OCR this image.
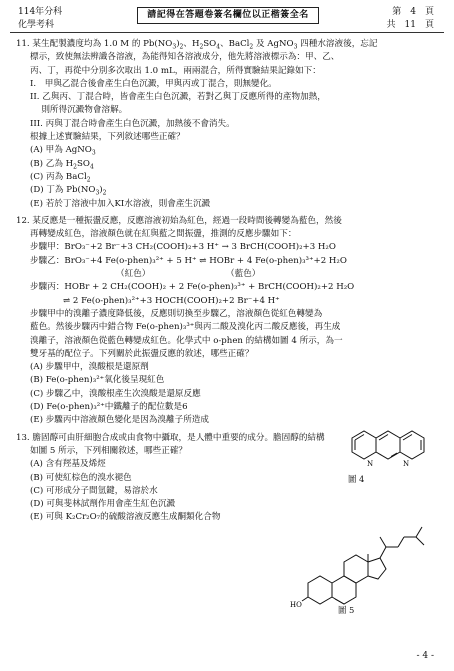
114年分科
化學考科
請記得在答題卷簽名欄位以正楷簽全名	第　4　頁
共　11　頁
11. 某生配製濃度均為 1.0 M 的 $Pb(NO_3)_2$、$H_2SO_4$、BaCl$_2$ 及 AgNO$_3$ 四種水溶液後，忘記
標示，致使無法辨識各溶液，為能得知各溶液成分，他先將溶液標示為：甲、乙、
丙、丁，再從中分別多次取出 1.0 mL，兩兩混合，所得實驗結果記錄如下：
I.　甲與乙混合後會產生白色沉澱，甲與丙或丁混合，則無變化。
II. 乙與丙、丁混合時，皆會產生白色沉澱，若對乙與丁反應所得的產物加熱，
　 則所得沉澱物會溶解。
III. 丙與丁混合時會產生白色沉澱，加熱後不會消失。
根據上述實驗結果，下列敘述哪些正確？
(A) 甲為 AgNO$_3$
(B) 乙為 $H_2SO_4$
(C) 丙為 BaCl$_2$
(D) 丁為 $Pb(NO_3)_2$
(E) 若於丁溶液中加入KI水溶液，則會產生沉澱
12. 某反應是一種振盪反應，反應溶液初始為紅色，經過一段時間後轉變為藍色，然後
再轉變成紅色，溶液顏色就在紅與藍之間振盪，推測的反應步驟如下：
步驟甲：BrO₃⁻+2 Br⁻+3 CH₂(COOH)₂+3 H⁺ → 3 BrCH(COOH)₂+3 H₂O
步驟乙：BrO₃⁻+4 Fe(o-phen)₃²⁺ + 5 H⁺ ⇌ HOBr + 4 Fe(o-phen)₃³⁺+2 H₂O
（紅色）	（藍色）
步驟丙：HOBr + 2 CH₂(COOH)₂ + 2 Fe(o-phen)₃³⁺ + BrCH(COOH)₂+2 H₂O
⇌ 2 Fe(o-phen)₃²⁺+3 HOCH(COOH)₂+2 Br⁻+4 H⁺
步驟甲中的溴離子濃度降低後，反應則切換至步驟乙，溶液顏色從紅色轉變為
藍色。然後步驟丙中錯合物 Fe(o-phen)₃³⁺與丙二酸及溴化丙二酸反應後，再生成
溴離子，溶液顏色從藍色轉變成紅色。化學式中 o-phen 的結構如圖 4 所示，為一
雙牙基的配位子。下列關於此振盪反應的敘述，哪些正確？
(A) 步驟甲中，溴酸根是還原劑
(B) Fe(o-phen)₃²⁺氧化後呈現紅色
(C) 步驟乙中，溴酸根產生次溴酸是還原反應
(D) Fe(o-phen)₃²⁺中鐵離子的配位數是6
(E) 步驟丙中溶液顏色變化是因為溴離子所造成
13. 膽固醇可由肝細胞合成或由食物中攝取，是人體中重要的成分。膽固醇的結構
如圖 5 所示，下列相關敘述，哪些正確？
(A) 含有羥基及烯烴
(B) 可使紅棕色的溴水褪色
(C) 可形成分子間氫鍵，易溶於水
(D) 可與斐林試劑作用會產生紅色沉澱
(E) 可與 K₂Cr₂O₇的硫酸溶液反應生成酮類化合物
N	N
圖 4
HO	圖 5
- 4 -
